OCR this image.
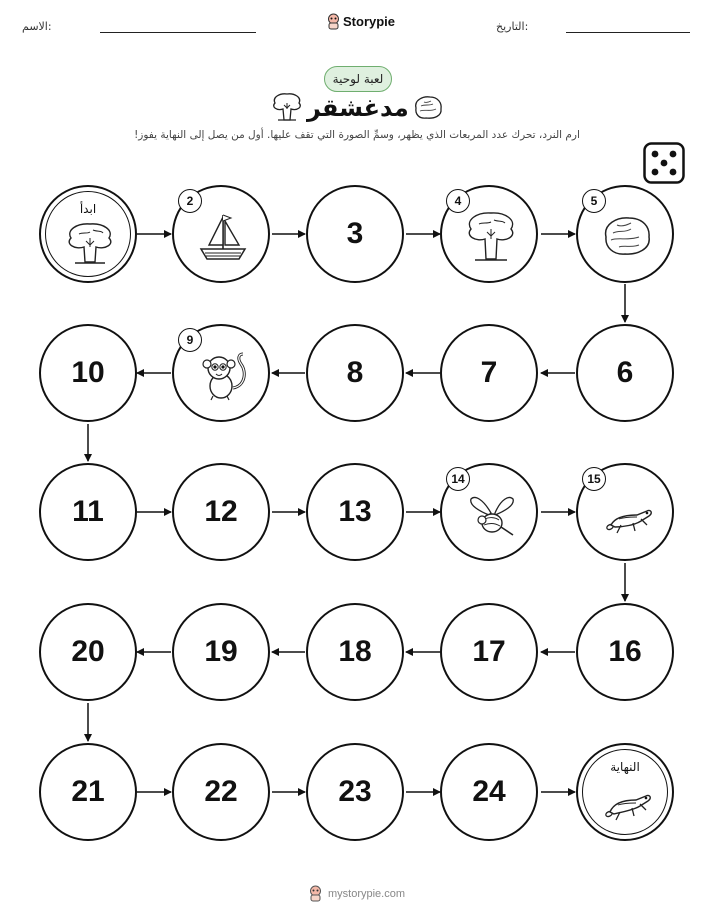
الاسم:	Storypie	التاريخ:
لعبة لوحية
مدغشقر
ارم النرد، تحرك عدد المربعات الذي يظهر، وسمِّ الصورة التي تقف عليها. أول من يصل إلى النهاية يفوز!
ابدأ
2
3
4	5
10
9
8	7	6
11	12	13
14	15
20	19	18	17	16
21	22	23	24
النهاية
mystorypie.com
